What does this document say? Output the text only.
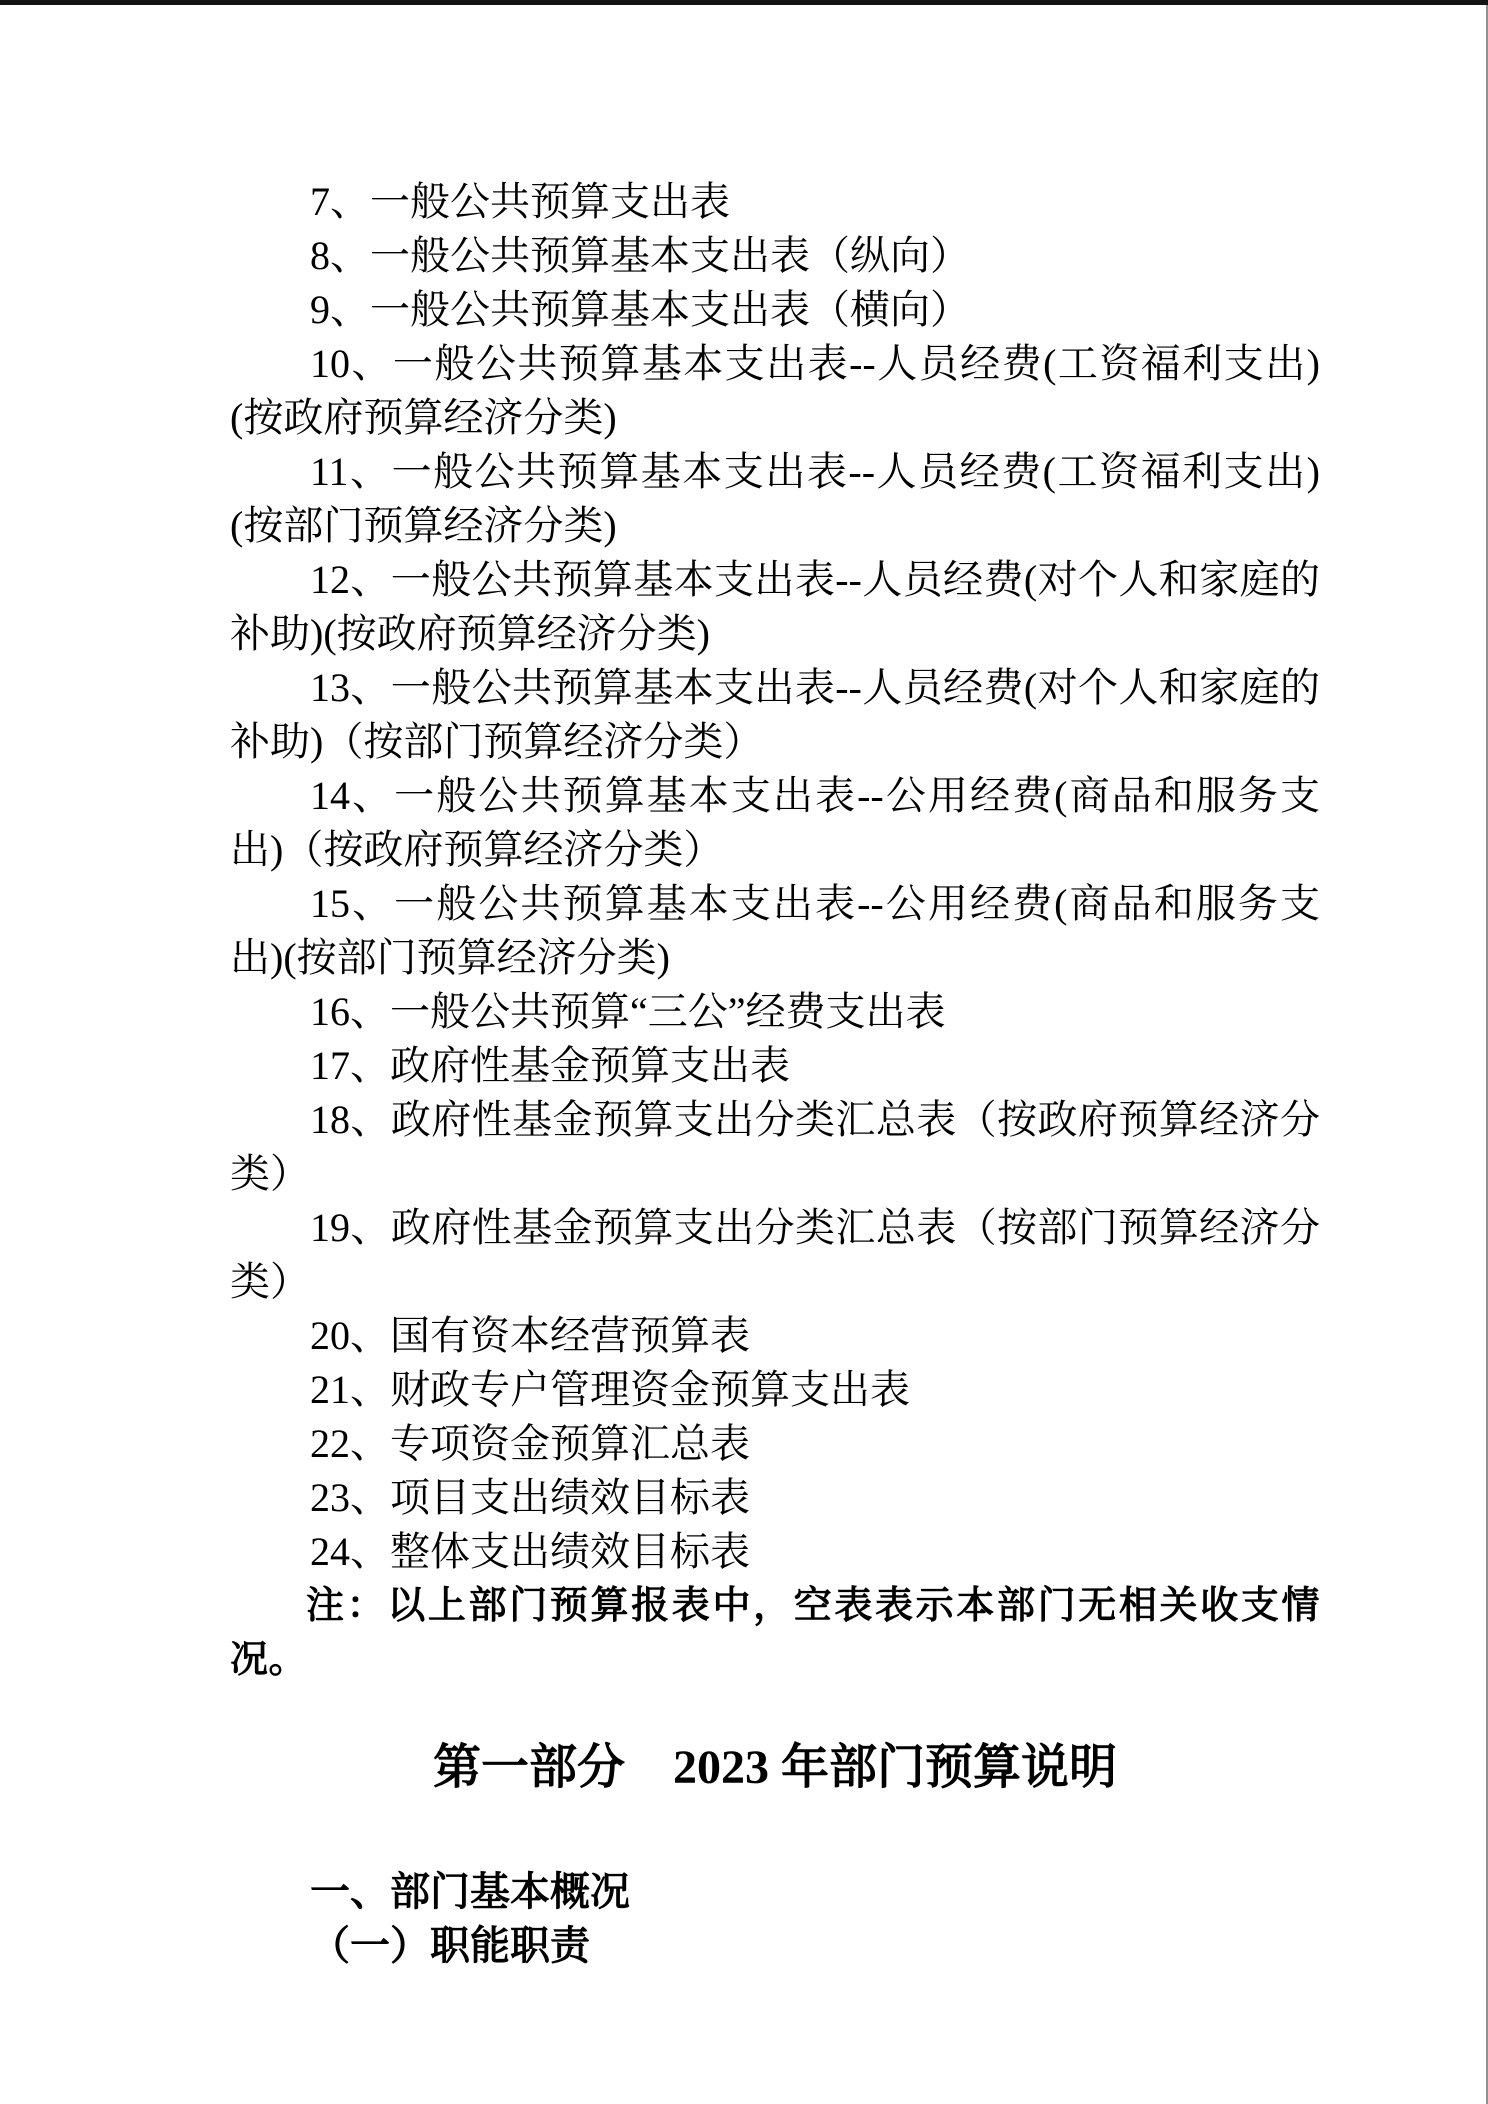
7、一般公共预算支出表

8、一般公共预算基本支出表（纵向）

9、一般公共预算基本支出表（横向）

10、一般公共预算基本支出表--人员经费(工资福利支出)(按政府预算经济分类)

11、一般公共预算基本支出表--人员经费(工资福利支出)(按部门预算经济分类)

12、一般公共预算基本支出表--人员经费(对个人和家庭的补助)(按政府预算经济分类)

13、一般公共预算基本支出表--人员经费(对个人和家庭的补助)（按部门预算经济分类）

14、一般公共预算基本支出表--公用经费(商品和服务支出)（按政府预算经济分类）

15、一般公共预算基本支出表--公用经费(商品和服务支出)(按部门预算经济分类)

16、一般公共预算“三公”经费支出表

17、政府性基金预算支出表

18、政府性基金预算支出分类汇总表（按政府预算经济分类）

19、政府性基金预算支出分类汇总表（按部门预算经济分类）

20、国有资本经营预算表

21、财政专户管理资金预算支出表

22、专项资金预算汇总表

23、项目支出绩效目标表

24、整体支出绩效目标表

注：以上部门预算报表中，空表表示本部门无相关收支情况。

第一部分　2023 年部门预算说明

一、部门基本概况

（一）职能职责
